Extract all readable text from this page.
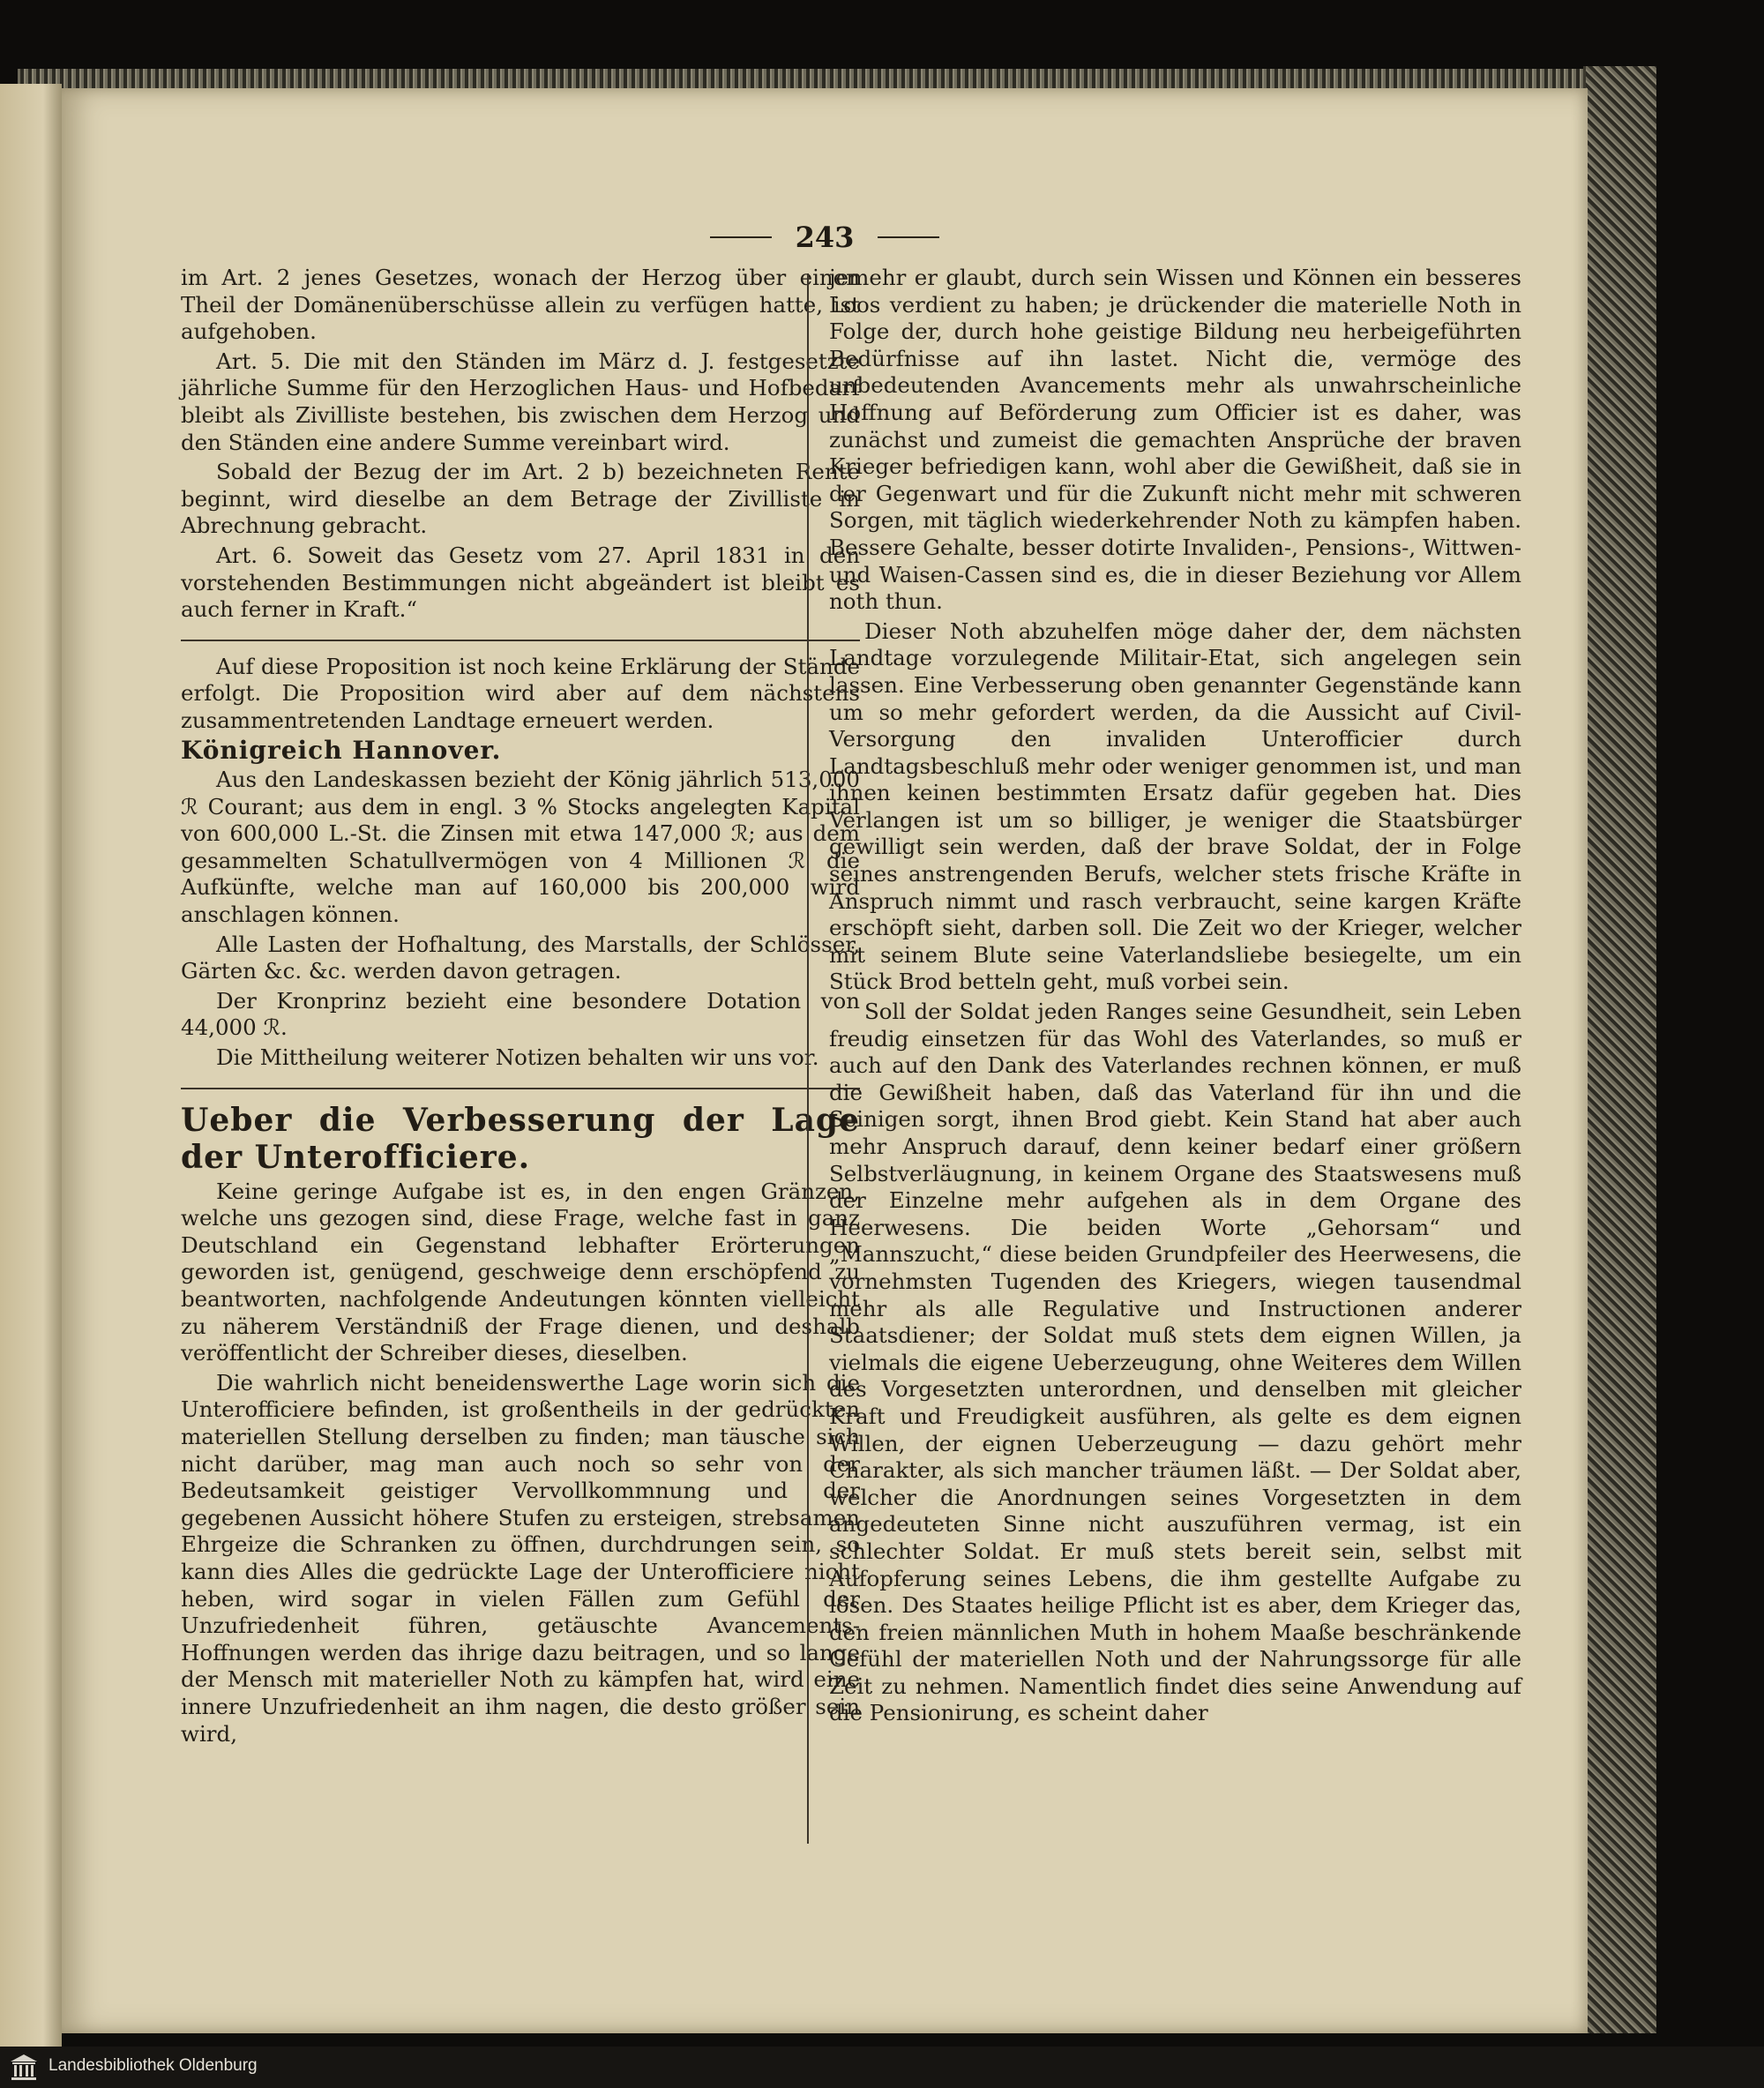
243

im Art. 2 jenes Gesetzes, wonach der Herzog über einen Theil der Domänenüberschüsse allein zu verfügen hatte, ist aufgehoben.

Art. 5. Die mit den Ständen im März d. J. festgesetzte jährliche Summe für den Herzoglichen Haus- und Hofbedarf bleibt als Zivilliste bestehen, bis zwischen dem Herzog und den Ständen eine andere Summe vereinbart wird.

Sobald der Bezug der im Art. 2 b) bezeichneten Rente beginnt, wird dieselbe an dem Betrage der Zivilliste in Abrechnung gebracht.

Art. 6. Soweit das Gesetz vom 27. April 1831 in den vorstehenden Bestimmungen nicht abgeändert ist bleibt es auch ferner in Kraft.“

Auf diese Proposition ist noch keine Erklärung der Stände erfolgt. Die Proposition wird aber auf dem nächstens zusammentretenden Landtage erneuert werden.

Königreich Hannover.

Aus den Landeskassen bezieht der König jährlich 513,000 ℛ Courant; aus dem in engl. 3 % Stocks angelegten Kapital von 600,000 L.-St. die Zinsen mit etwa 147,000 ℛ; aus dem gesammelten Schatullvermögen von 4 Millionen ℛ die Aufkünfte, welche man auf 160,000 bis 200,000 wird anschlagen können.

Alle Lasten der Hofhaltung, des Marstalls, der Schlösser, Gärten &c. &c. werden davon getragen.

Der Kronprinz bezieht eine besondere Dotation von 44,000 ℛ.

Die Mittheilung weiterer Notizen behalten wir uns vor.

Ueber die Verbesserung der Lage der Unterofficiere.

Keine geringe Aufgabe ist es, in den engen Gränzen, welche uns gezogen sind, diese Frage, welche fast in ganz Deutschland ein Gegenstand lebhafter Erörterungen geworden ist, genügend, geschweige denn erschöpfend zu beantworten, nachfolgende Andeutungen könnten vielleicht zu näherem Verständniß der Frage dienen, und deshalb veröffentlicht der Schreiber dieses, dieselben.

Die wahrlich nicht beneidenswerthe Lage worin sich die Unterofficiere befinden, ist großentheils in der gedrückten materiellen Stellung derselben zu finden; man täusche sich nicht darüber, mag man auch noch so sehr von der Bedeutsamkeit geistiger Vervollkommnung und der gegebenen Aussicht höhere Stufen zu ersteigen, strebsamen Ehrgeize die Schranken zu öffnen, durchdrungen sein, so kann dies Alles die gedrückte Lage der Unterofficiere nicht heben, wird sogar in vielen Fällen zum Gefühl der Unzufriedenheit führen, getäuschte Avancements-Hoffnungen werden das ihrige dazu beitragen, und so lange der Mensch mit materieller Noth zu kämpfen hat, wird eine innere Unzufriedenheit an ihm nagen, die desto größer sein wird,

jemehr er glaubt, durch sein Wissen und Können ein besseres Loos verdient zu haben; je drückender die materielle Noth in Folge der, durch hohe geistige Bildung neu herbeigeführten Bedürfnisse auf ihn lastet. Nicht die, vermöge des unbedeutenden Avancements mehr als unwahrscheinliche Hoffnung auf Beförderung zum Officier ist es daher, was zunächst und zumeist die gemachten Ansprüche der braven Krieger befriedigen kann, wohl aber die Gewißheit, daß sie in der Gegenwart und für die Zukunft nicht mehr mit schweren Sorgen, mit täglich wiederkehrender Noth zu kämpfen haben. Bessere Gehalte, besser dotirte Invaliden-, Pensions-, Wittwen- und Waisen-Cassen sind es, die in dieser Beziehung vor Allem noth thun.

Dieser Noth abzuhelfen möge daher der, dem nächsten Landtage vorzulegende Militair-Etat, sich angelegen sein lassen. Eine Verbesserung oben genannter Gegenstände kann um so mehr gefordert werden, da die Aussicht auf Civil-Versorgung den invaliden Unterofficier durch Landtagsbeschluß mehr oder weniger genommen ist, und man ihnen keinen bestimmten Ersatz dafür gegeben hat. Dies Verlangen ist um so billiger, je weniger die Staatsbürger gewilligt sein werden, daß der brave Soldat, der in Folge seines anstrengenden Berufs, welcher stets frische Kräfte in Anspruch nimmt und rasch verbraucht, seine kargen Kräfte erschöpft sieht, darben soll. Die Zeit wo der Krieger, welcher mit seinem Blute seine Vaterlandsliebe besiegelte, um ein Stück Brod betteln geht, muß vorbei sein.

Soll der Soldat jeden Ranges seine Gesundheit, sein Leben freudig einsetzen für das Wohl des Vaterlandes, so muß er auch auf den Dank des Vaterlandes rechnen können, er muß die Gewißheit haben, daß das Vaterland für ihn und die Seinigen sorgt, ihnen Brod giebt. Kein Stand hat aber auch mehr Anspruch darauf, denn keiner bedarf einer größern Selbstverläugnung, in keinem Organe des Staatswesens muß der Einzelne mehr aufgehen als in dem Organe des Heerwesens. Die beiden Worte „Gehorsam“ und „Mannszucht,“ diese beiden Grundpfeiler des Heerwesens, die vornehmsten Tugenden des Kriegers, wiegen tausendmal mehr als alle Regulative und Instructionen anderer Staatsdiener; der Soldat muß stets dem eignen Willen, ja vielmals die eigene Ueberzeugung, ohne Weiteres dem Willen des Vorgesetzten unterordnen, und denselben mit gleicher Kraft und Freudigkeit ausführen, als gelte es dem eignen Willen, der eignen Ueberzeugung — dazu gehört mehr Charakter, als sich mancher träumen läßt. — Der Soldat aber, welcher die Anordnungen seines Vorgesetzten in dem angedeuteten Sinne nicht auszuführen vermag, ist ein schlechter Soldat. Er muß stets bereit sein, selbst mit Aufopferung seines Lebens, die ihm gestellte Aufgabe zu lösen. Des Staates heilige Pflicht ist es aber, dem Krieger das, den freien männlichen Muth in hohem Maaße beschränkende Gefühl der materiellen Noth und der Nahrungssorge für alle Zeit zu nehmen. Namentlich findet dies seine Anwendung auf die Pensionirung, es scheint daher

Landesbibliothek Oldenburg
